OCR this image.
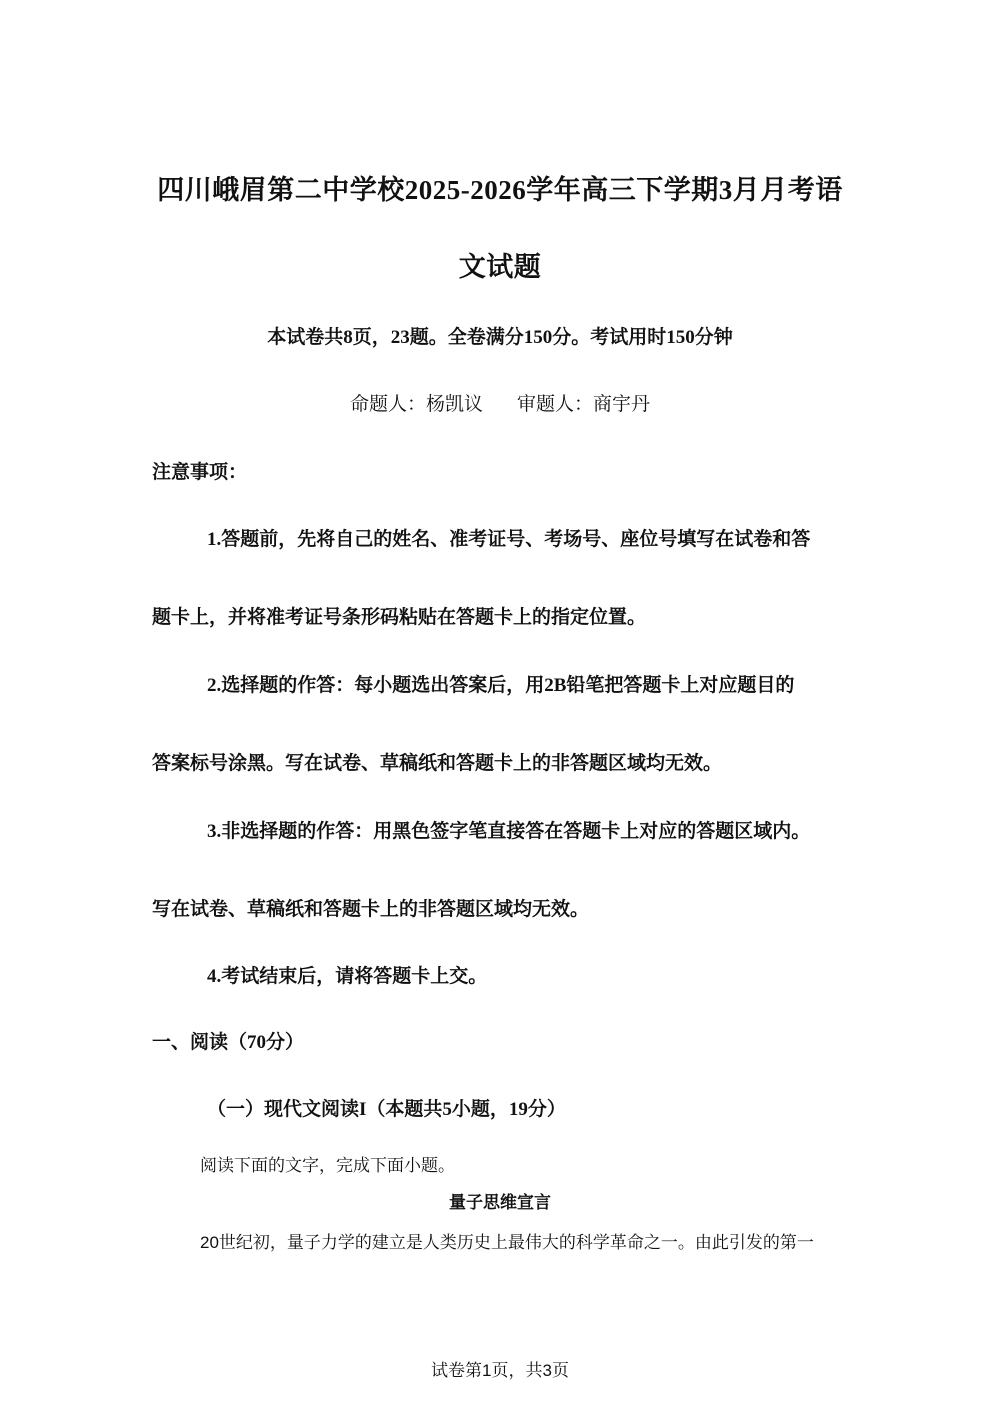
四川峨眉第二中学校2025-2026学年高三下学期3月月考语
文试题
本试卷共8页，23题。全卷满分150分。考试用时150分钟
命题人：杨凯议 审题人：商宇丹
注意事项：
1.答题前，先将自己的姓名、准考证号、考场号、座位号填写在试卷和答
题卡上，并将准考证号条形码粘贴在答题卡上的指定位置。
2.选择题的作答：每小题选出答案后，用2B铅笔把答题卡上对应题目的
答案标号涂黑。写在试卷、草稿纸和答题卡上的非答题区域均无效。
3.非选择题的作答：用黑色签字笔直接答在答题卡上对应的答题区域内。
写在试卷、草稿纸和答题卡上的非答题区域均无效。
4.考试结束后，请将答题卡上交。
一、阅读（70分）
（一）现代文阅读I（本题共5小题，19分）
阅读下面的文字，完成下面小题。
量子思维宣言
20世纪初，量子力学的建立是人类历史上最伟大的科学革命之一。由此引发的第一
试卷第1页，共3页
